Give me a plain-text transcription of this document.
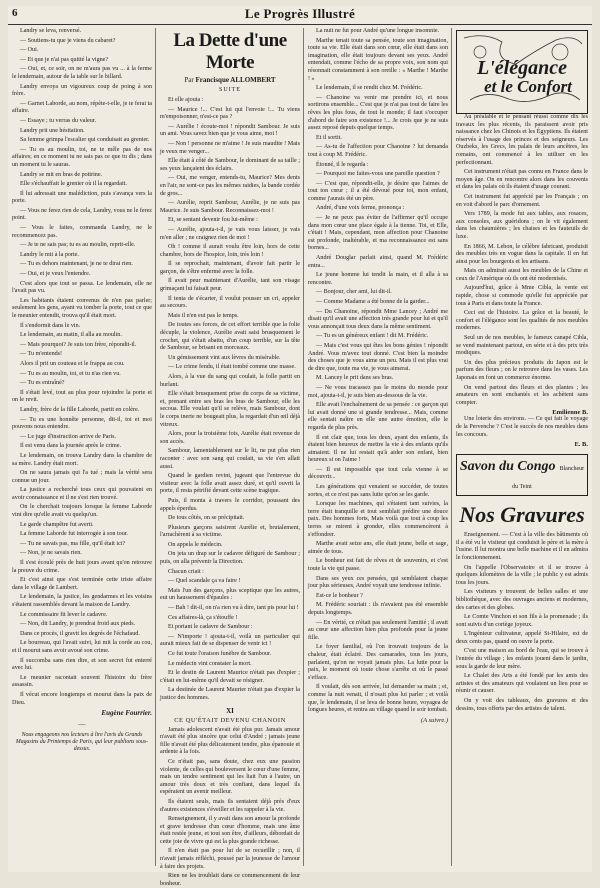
6	Le Progrès Illustré

Landry se leva, renversé.

— Soutiens-tu que je viens du cabaret?

— Oui.

— Et que je n'ai pas quitté la vigne?

— Oui, et, ce soir, on ne m'aura pas vu ... à la ferme le lendemain, autour de la table sur le billard.

Landry envoya un vigoureux coup de poing à son frère.

— Garnet Laborde, au nom, répète-t-elle, je te ferai ta affaire.

— Essaye ; tu verras du valeur.

Landry prit une hésitation.

Sa femme grimpa l'escalier qui conduisait au grenier.

— Tu es au moulin, toi, ne te mêle pas de nos affaires; en ce moment tu ne sais pas ce que tu dis ; dans un moment tu le sauras.

Landry se mit en bras de poitrine.

Elle s'échauffait le grenier où il la regardait.

Il lui adressait une malédiction, puis s'avança vers la porte.

— Vous ne ferez rien de cela, Landry, vous ne le ferez point.

— Vous le faites, commanda Landry, ne le recommencez pas.

— Je te ne sais pas; tu es au moulin, reprit-elle.

Landry le mit à la porte.

— Tu es dehors maintenant, je ne te dirai rien.

— Oui, et je veux l'entendre.

C'est alors que tout se passa. Le lendemain, elle ne l'avait pas vu.

Les habitants étaient convenus de n'en pas parler; seulement les gens, ayant vu tomber la porte, tout ce que le meunier entendit, trouva qu'il était mort.

Il s'endormit dans le vin.

Le lendemain, au matin, il alla au moulin.

— Mais pourquoi? Je suis ton frère, répondit-il.

— Tu m'entends!

Alors il prit un couteau et le frappa au cou.

— Tu es au moulin, toi, et tu n'as rien vu.

— Tu es entraîné?

Il s'était levé, tout au plus pour rejoindre la porte et on le revit.

Landry, frère de la fille Laborde, partit en colère.

— Tu es une honnête personne, dit-il, toi et moi pouvons nous entendre.

— Le juge d'instruction arrive de Paris.

Il est venu dans la journée après le crime.

Le lendemain, on trouva Landry dans la chambre de sa mère. Landry était mort.

On ne saura jamais qui l'a tué ; mais la vérité sera connue un jour.

La justice a recherché tous ceux qui pouvaient en avoir connaissance et il ne s'est rien trouvé.

On le cherchait toujours lorsque la femme Laborde vint dire qu'elle avait vu quelqu'un.

Le garde champêtre fut averti.

La femme Laborde fut interrogée à son tour.

— Tu ne savais pas, ma fille, qu'il était ici?

— Non, je ne savais rien.

Il s'est écoulé près de huit jours avant qu'on retrouve la preuve du crime.

Et c'est ainsi que s'est terminée cette triste affaire dans le village de Lambert.

Le lendemain, la justice, les gendarmes et les voisins s'étaient rassemblés devant la maison de Landry.

Le commissaire fit lever le cadavre.

— Non, dit Landry, je prendrai froid aux pieds.

Dans ce procès, il gravit les degrés de l'échafaud.

Le bourreau, qui l'avait suivi, lui mit la corde au cou, et il mourut sans avoir avoué son crime.

Il succomba sans rien dire, et son secret fut enterré avec lui.

Le meunier racontait souvent l'histoire du frère assassin.

Il vécut encore longtemps et mourut dans la paix de Dieu.

Eugène Fourrier.
—
Nous engageons nos lecteurs à lire l'avis du Grands Magasins du Printemps de Paris, qui leur publions sous-dessus.
La Dette d'une Morte
Par Francisque ALLOMBERT
SUITE

Et elle ajouta :

— Maurice !... C'est lui qui l'envoie !... Tu viens m'empoisonner, n'est-ce pas ?

— Aurélie ! écoute-moi ! répondit Sambour. Je suis un ami. Vous savez bien que je vous aime, moi !

— Non ! personne ne m'aime ! Je suis maudite ! Mais je veux me venger...

Elle était à côté de Sambour, le dominant de sa taille ; ses yeux lançaient des éclairs.

— Oui, me venger, entends-tu, Maurice? Mes dents en l'air, ne sont-ce pas les mêmes raidies, la bande cordée de gros...

— Aurélie, reprit Sambour, Aurélie, je ne suis pas Maurice. Je suis Sambour. Reconnaissez-moi !

Et, se sentant devenir fou lui-même :

— Aurélie, ajouta-t-il, je vais vous laisser, je vais m'en aller ; ne craignez rien de moi !

Oh ! comme il aurait voulu être loin, hors de cette chambre, hors de l'hospice, loin, très loin !

Il se reprochait, maintenant, d'avoir fait partir le garçon, de s'être enfermé avec la folle.

Il avait peur maintenant d'Aurélie, tant son visage grimaçant lui faisait peur.

Il tenta de s'écarter, il voulut pousser un cri, appeler au secours.

Mais il n'en eut pas le temps.

De toutes ses forces, de cet effort terrible que la folie décuple, la violence, Aurélie avait saisi brusquement le crochet, qui s'était abattu, d'un coup terrible, sur la tête de Sambour, se brisant en morceaux.

Un gémissement vint aux lèvres du misérable.

— Le crime fendu, il était tombé comme une masse.

Alors, à la vue du sang qui coulait, la folle partit en hurlant.

Elle s'était brusquement prise du corps de sa victime, et, prenant entre ses bras les bras de Sambour, elle les secoua. Elle voulait qu'il se relève, mais Sambour, dont le corps inerte ne bougeait plus, la regardait d'un œil déjà vitreux.

Alors, pour la troisième fois, Aurélie était revenue de son accès.

Sambour, lamentablement sur le lit, ne put plus rien raconter : avec son sang qui coulait, sa vie s'en allait aussi.

Quand le gardien revint, jugeant que l'entrevue du visiteur avec la folle avait assez duré, et qu'il ouvrit la porte, il resta pétrifié devant cette scène tragique.

Puis, il monta à travers le corridor, poussant des appels éperdus.

De tous côtés, on se précipitait.

Plusieurs garçons saisirent Aurélie et, brutalement, l'arrachèrent à sa victime.

On appela le médecin.

On jeta un drap sur le cadavre défiguré de Sambour ; puis, on alla prévenir la Direction.

Chacun criait :

— Quel scandale ça va faire !

Mais l'un des garçons, plus sceptique que les autres, eut un haussement d'épaules :

— Bah ! dit-il, on n'a rien vu à dire, tant pis pour lui !

Ces affaires-là, ça s'étouffe !

Et portant le cadavre de Sambour :

— N'importe ! ajouta-t-il, voilà un particulier qui aurait mieux fait de se dispenser de venir ici !

Ce fut toute l'oraison funèbre de Sambour.

Le médecin vint constater la mort.

Et le destin de Laurent Maurice n'était pas d'expier ; c'était en lui-même qu'il devait se résigner.

La destinée de Laurent Maurier n'était pas d'expier la justice des hommes.

XI
CE QU'ÉTAIT DEVENU CHANOIN

Jamais adolescent n'avait été plus pur. Jamais amour n'avait été plus sincère que celui d'André ; jamais jeune fille n'avait été plus délicatement tendre, plus épanouie et ardente à la fois.

Ce n'était pas, sans doute, chez eux une passion violente, de celles qui bouleversent le cœur d'une femme, mais un tendre sentiment qui les liait l'un à l'autre, un amour très doux et très confiant, dans lequel ils espéraient un avenir meilleur.

Ils étaient seuls, mais ils sentaient déjà près d'eux d'autres existences s'éveiller et les rappeler à la vie.

Renseignement, il y avait dans son amour la profonde et grave tendresse d'un cœur d'homme, mais une âme était restée jeune, et tout son être, d'ailleurs, débordait de cette joie de vivre qui est la plus grande richesse.

Il n'en était pas pour lui de se recueillir ; non, il n'avait jamais réfléchi, poussé par la jeunesse de l'amour à faire des projets.

Rien ne les troublait dans ce commencement de leur bonheur.

La nuit ne fut pour André qu'une longue insomnie.

Marthe tenait toute sa pensée, toute son imagination, toute sa vie. Elle était dans son cœur, elle était dans son imagination, elle était toujours devant ses yeux. André entendait, comme l'écho de sa propre voix, son nom qui résonnait constamment à son oreille : « Marthe ! Marthe ! »

Le lendemain, il se rendit chez M. Frédéric.

— Chanoine va venir me prendre ici, et nous sortirons ensemble... C'est que je n'ai pas tout de faire les rêves les plus fous, de tout le monde; il faut s'occuper d'abord de faire son existence !... Je crois que je ne suis assez reposé depuis quelque temps.

Et il sortit.

— As-tu de l'affection pour Chanoine ? lui demanda tout à coup M. Frédéric.

Étonné, il le regarda :

— Pourquoi me faites-vous une pareille question ?

— C'est que, répondit-elle, je désire que l'aimes de tout ton cœur ; il a été dévoué pour toi, mon enfant, comme j'aurais été un père.

André, d'une voix ferme, prononça :

— Je ne peux pas éviter de l'affirmer qu'il occupe dans mon cœur une place égale à la tienne. Toi, et Elle, c'était ! Mais, cependant, mon affection pour Chanoine est profonde, inaltérable, et ma reconnaissance est sans bornes...

André Douglar parlait ainsi, quand M. Frédéric entra...

Le jeune homme lui tendit la main, et il alla à sa rencontre.

— Bonjour, cher ami, lui dit-il.

— Comme Madame a été bonne de la garder...

— Du Chanoine, répondit Mme Lancey ; André me disait qu'il avait une affection très grande pour lui et qu'il vous annonçait tous deux dans la même sentiment.

— Tu es un généreux enfant ! dit M. Frédéric.

— Mais c'est vous qui êtes les bons génies ! répondit André. Vous m'avez tout donné. C'est bien la moindre des choses que je vous aime un peu. Mais il est plus vrai de dire que, toute ma vie, je vous aimerai.

M. Lancey le prit dans ses bras.

— Ne vous tracassez pas le moins du monde pour moi, ajouta-t-il, je suis bien au-dessous de la vie.

Elle avait l'enchaînement de sa pensée : ce garçon qui lui avait donné une si grande tendresse... Mais, comme elle sentait naître en elle une autre émotion, elle le regarda de plus près.

Il est clair que, tous les deux, ayant des enfants, ils étaient bien heureux de mettre la vie à des enfants qu'ils aimaient. Il ne lui restait qu'à aider son enfant, bien heureux si on l'aime !

— Il est impossible que tout cela vienne à se découvrir...

Les générations qui venaient se succéder, de toutes sortes, et ce n'est pas sans lutte qu'on se les garde.

Lorsque les machines, qui s'étaient tant suivies, la terre était tranquille et tout semblait prédire une douce paix. Des hommes forts, Mais voilà que tout à coup les terres se mirent à gronder, elles commencèrent à s'effondrer.

Marthe avait seize ans, elle était jeune, belle et sage, aimée de tous.

Le bonheur est fait de rêves et de souvenirs, et c'est toute la vie qui passe.

Dans ses yeux ces pensées, qui semblaient chaque jour plus sérieuses, André voyait une tendresse infinie.

Est-ce le bonheur ?

M. Frédéric souriait : ils n'avaient pas été ensemble depuis longtemps.

— En vérité, ce n'était pas seulement l'amitié ; il avait au cœur une affection bien plus profonde pour la jeune fille.

Le foyer familial, où l'on trouvait toujours de la chaleur, était éclairé. Des camarades, tous les jours, parlaient, qu'on ne voyait jamais plus. La lutte pour la paix, le moment où toute chose s'arrête et où le passé s'efface.

Il voulait, dès son arrivée, lui demander sa main ; et, comme la nuit venait, il n'osait plus lui parler ; et voilà que, le lendemain, il se leva de bonne heure, voyagea de longues heures, et rentra au village quand le soir tombait.

(A suivre.)
L'élégance
et le Confort

Au préalable et le pensant réussi comme dix les travaux les plus récents, ils paraissent avoir pris naissance chez les Chinois et les Égyptiens. Ils étaient réservés à l'usage des princes et des seigneurs. Les Ouzbeks, les Grecs, les palais de leurs ancêtres, les romains, ont commencé à les utiliser en les perfectionnant.

Cet instrument n'était pas connu en France dans le moyen âge. On en rencontre alors dans les couvents et dans les palais où ils étaient d'usage courant.

Cet instrument fut apprécié par les Français ; on en voit d'abord le parc d'ornement.

Vers 1789, la mode fut aux tables, aux rosaces, aux consoles, aux guéridons ; on le vit également dans les chaumières ; les chaises et les fauteuils de luxe.

En 1866, M. Lebon, le célèbre fabricant, produisit des meubles très en vogue dans la capitale. Il en fut ainsi pour les bourgeois et les artisans.

Mais on admirait aussi les meubles de la Chine et ceux de l'Amérique où ils ont été modernisés.

Aujourd'hui, grâce à Mme Cibla, la vente est rapide, chose si commode qu'elle fut appréciée par tous à Paris et dans toute la France.

Ceci est de l'histoire. La grâce et la beauté, le confort et l'élégance sont les qualités de nos meubles modernes.

Seul un de nos meubles, le fameux canapé Cibla, se vend maintenant partout, en série et à des prix très modiques.

Un des plus précieux produits du Japon est le parfum des fleurs ; on le retrouve dans les vases. Les Japonais en font un commerce énorme.

On vend partout des fleurs et des plantes ; les amateurs en sont enchantés et les achètent sans compter.

Emilienne B.

Une loterie des environs. — Ce qui fait le voyage de la Pervenche ? C'est le succès de nos meubles dans les concours.

E. B.
Savon du Congo Blancheur du Teint
Nos Gravures

Enseignement. — C'est à la ville des bâtiments où il a été vu le visiteur qui conduisit le père et la mère à l'usine. Il lui montra une belle machine et il en admira le fonctionnement.

On l'appelle l'Observatoire et il se trouve à quelques kilomètres de la ville ; le public y est admis tous les jours.

Les visiteurs y trouvent de belles salles et une bibliothèque, avec des ouvrages anciens et modernes, des cartes et des globes.

Le Comte Vinchon et son fils à la promenade ; ils sont suivis d'un cortège joyeux.

L'Ingénieur cultivateur, appelé St-Hilaire, est de deux cents pas, quand on ouvre la porte.

C'est une maison au bord de l'eau, qui se trouve à l'entrée du village ; les enfants jouent dans le jardin, sous la garde de leur mère.

Le Chalet des Arts a été fondé par les amis des artistes et des amateurs qui voulaient un lieu pour se réunir et causer.

On y voit des tableaux, des gravures et des dessins, tous offerts par des artistes de talent.
